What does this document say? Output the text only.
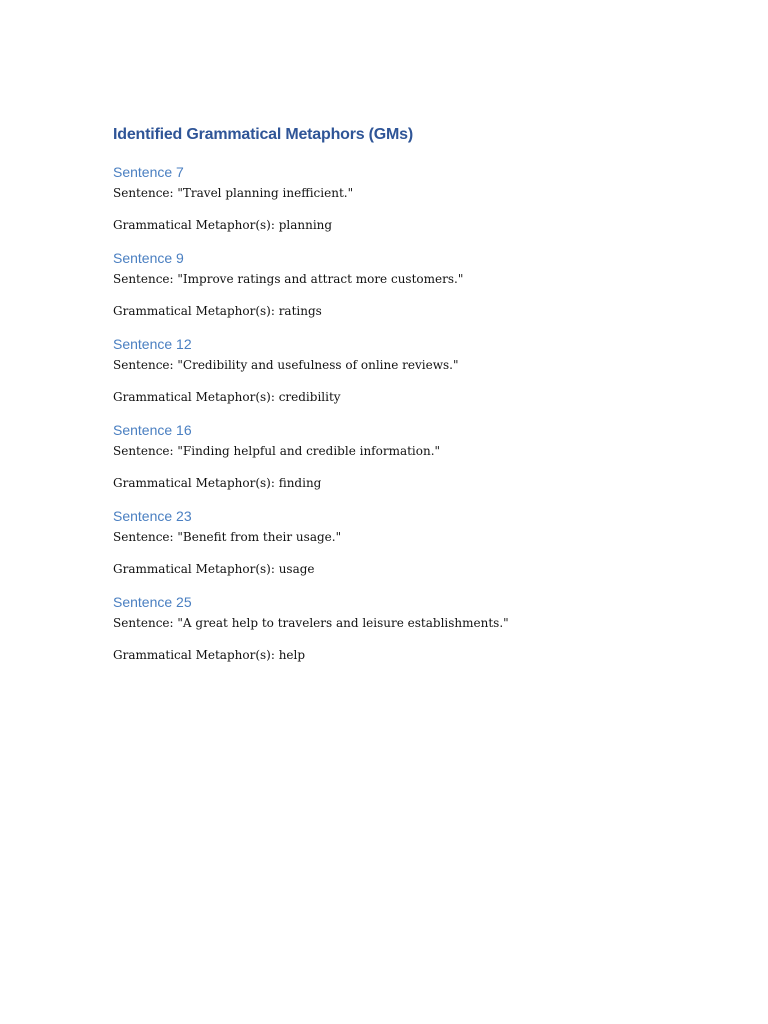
Identified Grammatical Metaphors (GMs)
Sentence 7

Sentence: "Travel planning inefficient."

Grammatical Metaphor(s): planning

Sentence 9

Sentence: "Improve ratings and attract more customers."

Grammatical Metaphor(s): ratings

Sentence 12

Sentence: "Credibility and usefulness of online reviews."

Grammatical Metaphor(s): credibility

Sentence 16

Sentence: "Finding helpful and credible information."

Grammatical Metaphor(s): finding

Sentence 23

Sentence: "Benefit from their usage."

Grammatical Metaphor(s): usage

Sentence 25

Sentence: "A great help to travelers and leisure establishments."

Grammatical Metaphor(s): help
